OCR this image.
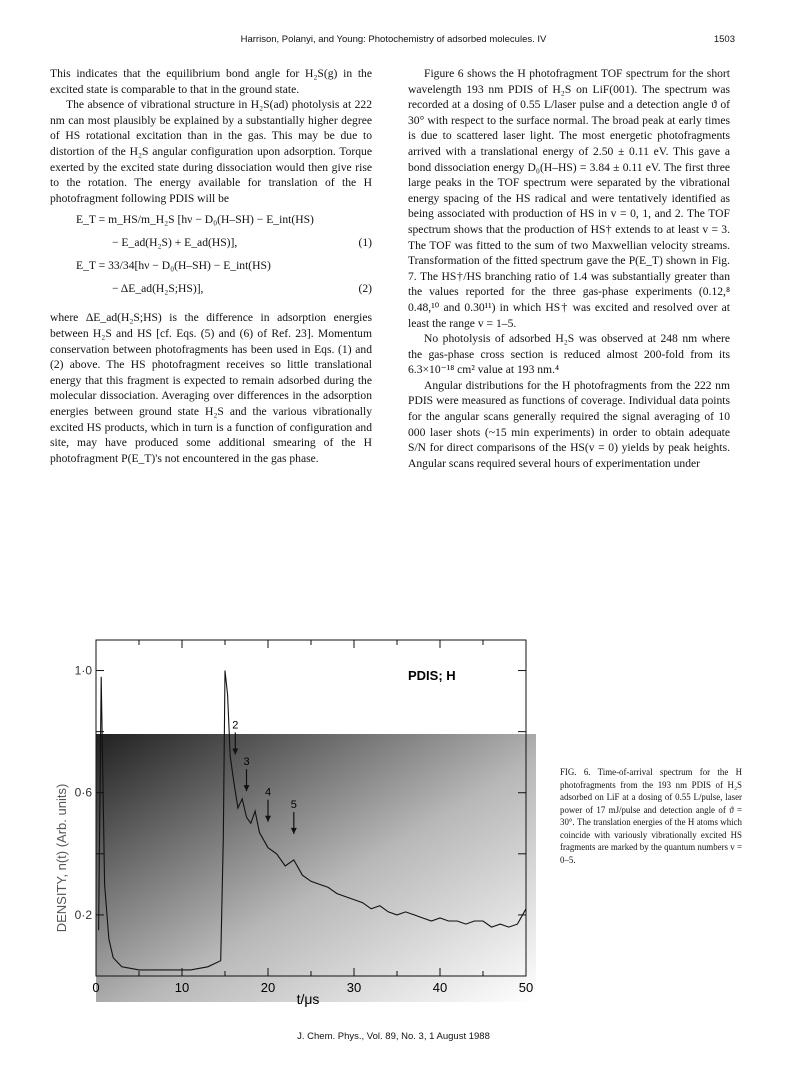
Harrison, Polanyi, and Young: Photochemistry of adsorbed molecules. IV	1503

This indicates that the equilibrium bond angle for H₂S(g) in the excited state is comparable to that in the ground state.

The absence of vibrational structure in H₂S(ad) photolysis at 222 nm can most plausibly be explained by a substantially higher degree of HS rotational excitation than in the gas. This may be due to distortion of the H₂S angular configuration upon adsorption. Torque exerted by the excited state during dissociation would then give rise to the rotation. The energy available for translation of the H photofragment following PDIS will be

E_T = m_HS/m_H₂S [hν − D₀(H–SH) − E_int(HS)
− E_ad(H₂S) + E_ad(HS)],	(1)
E_T = 33/34[hν − D₀(H–SH) − E_int(HS)
− ΔE_ad(H₂S;HS)],	(2)

where ΔE_ad(H₂S;HS) is the difference in adsorption energies between H₂S and HS [cf. Eqs. (5) and (6) of Ref. 23]. Momentum conservation between photofragments has been used in Eqs. (1) and (2) above. The HS photofragment receives so little translational energy that this fragment is expected to remain adsorbed during the molecular dissociation. Averaging over differences in the adsorption energies between ground state H₂S and the various vibrationally excited HS products, which in turn is a function of configuration and site, may have produced some additional smearing of the H photofragment P(E_T)'s not encountered in the gas phase.

Figure 6 shows the H photofragment TOF spectrum for the short wavelength 193 nm PDIS of H₂S on LiF(001). The spectrum was recorded at a dosing of 0.55 L/laser pulse and a detection angle ϑ of 30° with respect to the surface normal. The broad peak at early times is due to scattered laser light. The most energetic photofragments arrived with a translational energy of 2.50 ± 0.11 eV. This gave a bond dissociation energy D₀(H–HS) = 3.84 ± 0.11 eV. The first three large peaks in the TOF spectrum were separated by the vibrational energy spacing of the HS radical and were tentatively identified as being associated with production of HS in v = 0, 1, and 2. The TOF spectrum shows that the production of HS† extends to at least v = 3. The TOF was fitted to the sum of two Maxwellian velocity streams. Transformation of the fitted spectrum gave the P(E_T) shown in Fig. 7. The HS†/HS branching ratio of 1.4 was substantially greater than the values reported for the three gas-phase experiments (0.12,⁸ 0.48,¹⁰ and 0.30¹¹) in which HS† was excited and resolved over at least the range v = 1–5.

No photolysis of adsorbed H₂S was observed at 248 nm where the gas-phase cross section is reduced almost 200-fold from its 6.3×10⁻¹⁸ cm² value at 193 nm.⁴

Angular distributions for the H photofragments from the 222 nm PDIS were measured as functions of coverage. Individual data points for the angular scans generally required the signal averaging of 10 000 laser shots (~15 min experiments) in order to obtain adequate S/N for direct comparisons of the HS(v = 0) yields by peak heights. Angular scans required several hours of experimentation under

PDIS; H
DENSITY, n(t) (Arb. units)
t/μs
0	10	20	30	40	50
1·0
0·6
0·2
2
3
4
5
FIG. 6. Time-of-arrival spectrum for the H photofragments from the 193 nm PDIS of H₂S adsorbed on LiF at a dosing of 0.55 L/pulse, laser power of 17 mJ/pulse and detection angle of ϑ = 30°. The translation energies of the H atoms which coincide with variously vibrationally excited HS fragments are marked by the quantum numbers v = 0–5.
J. Chem. Phys., Vol. 89, No. 3, 1 August 1988
